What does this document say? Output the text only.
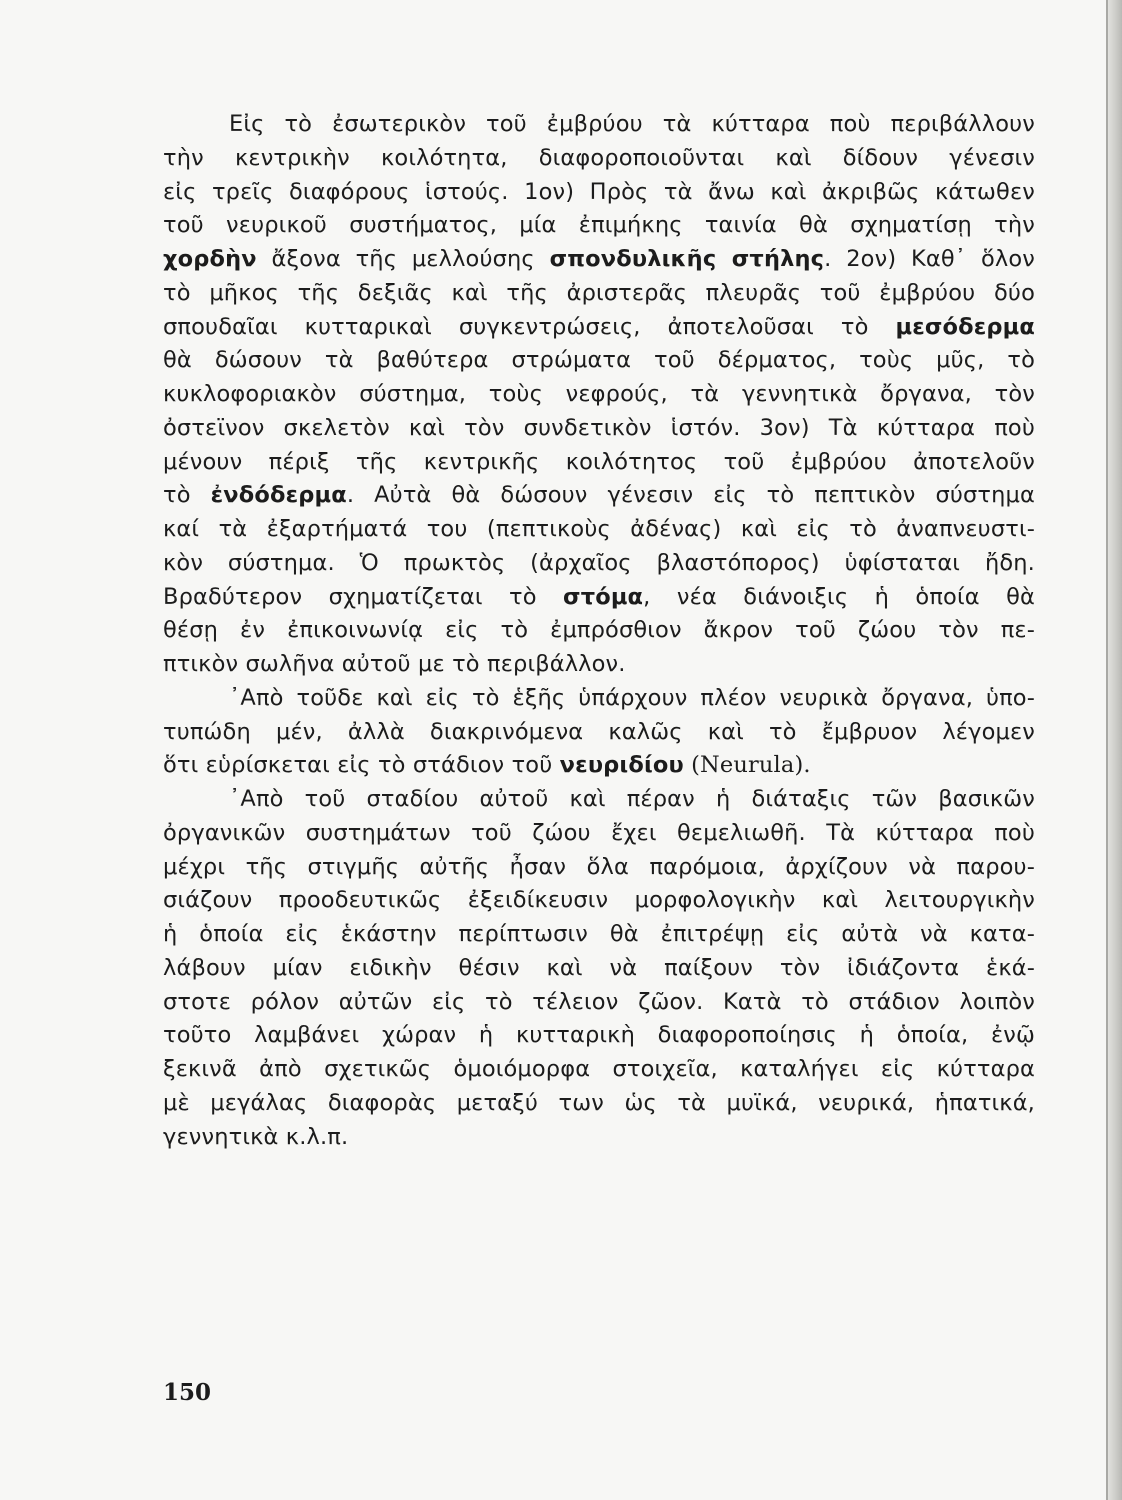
Εἰς τὸ ἐσωτερικὸν τοῦ ἐμβρύου τὰ κύτταρα ποὺ περιβάλλουν
τὴν κεντρικὴν κοιλότητα, διαφοροποιοῦνται καὶ δίδουν γένεσιν
εἰς τρεῖς διαφόρους ἱστούς. 1ον) Πρὸς τὰ ἄνω καὶ ἀκριβῶς κάτωθεν
τοῦ νευρικοῦ συστήματος, μία ἐπιμήκης ταινία θὰ σχηματίσῃ τὴν
χορδὴν ἄξονα τῆς μελλούσης σπονδυλικῆς στήλης. 2ον) Καθ᾽ ὅλον
τὸ μῆκος τῆς δεξιᾶς καὶ τῆς ἀριστερᾶς πλευρᾶς τοῦ ἐμβρύου δύο
σπουδαῖαι κυτταρικαὶ συγκεντρώσεις, ἀποτελοῦσαι τὸ μεσόδερμα
θὰ δώσουν τὰ βαθύτερα στρώματα τοῦ δέρματος, τοὺς μῦς, τὸ
κυκλοφοριακὸν σύστημα, τοὺς νεφρούς, τὰ γεννητικὰ ὄργανα, τὸν
ὀστεϊνον σκελετὸν καὶ τὸν συνδετικὸν ἱστόν. 3ον) Τὰ κύτταρα ποὺ
μένουν πέριξ τῆς κεντρικῆς κοιλότητος τοῦ ἐμβρύου ἀποτελοῦν
τὸ ἐνδόδερμα. Αὐτὰ θὰ δώσουν γένεσιν εἰς τὸ πεπτικὸν σύστημα
καί τὰ ἐξαρτήματά του (πεπτικοὺς ἀδένας) καὶ εἰς τὸ ἀναπνευστι-
κὸν σύστημα. Ὁ πρωκτὸς (ἀρχαῖος βλαστόπορος) ὑφίσταται ἤδη.
Βραδύτερον σχηματίζεται τὸ στόμα, νέα διάνοιξις ἡ ὁποία θὰ
θέσῃ ἐν ἐπικοινωνίᾳ εἰς τὸ ἐμπρόσθιον ἄκρον τοῦ ζώου τὸν πε-
πτικὸν σωλῆνα αὐτοῦ με τὸ περιβάλλον.
᾿Απὸ τοῦδε καὶ εἰς τὸ ἑξῆς ὑπάρχουν πλέον νευρικὰ ὄργανα, ὑπο-
τυπώδη μέν, ἀλλὰ διακρινόμενα καλῶς καὶ τὸ ἔμβρυον λέγομεν
ὅτι εὑρίσκεται εἰς τὸ στάδιον τοῦ νευριδίου (Neurula).
᾿Απὸ τοῦ σταδίου αὐτοῦ καὶ πέραν ἡ διάταξις τῶν βασικῶν
ὀργανικῶν συστημάτων τοῦ ζώου ἔχει θεμελιωθῆ. Τὰ κύτταρα ποὺ
μέχρι τῆς στιγμῆς αὐτῆς ἦσαν ὅλα παρόμοια, ἀρχίζουν νὰ παρου-
σιάζουν προοδευτικῶς ἐξειδίκευσιν μορφολογικὴν καὶ λειτουργικὴν
ἡ ὁποία εἰς ἑκάστην περίπτωσιν θὰ ἐπιτρέψῃ εἰς αὐτὰ νὰ κατα-
λάβουν μίαν ειδικὴν θέσιν καὶ νὰ παίξουν τὸν ἰδιάζοντα ἑκά-
στοτε ρόλον αὐτῶν εἰς τὸ τέλειον ζῶον. Κατὰ τὸ στάδιον λοιπὸν
τοῦτο λαμβάνει χώραν ἡ κυτταρικὴ διαφοροποίησις ἡ ὁποία, ἐνῷ
ξεκινᾶ ἀπὸ σχετικῶς ὁμοιόμορφα στοιχεῖα, καταλήγει εἰς κύτταρα
μὲ μεγάλας διαφορὰς μεταξύ των ὡς τὰ μυϊκά, νευρικά, ἡπατικά,
γεννητικὰ κ.λ.π.
150
